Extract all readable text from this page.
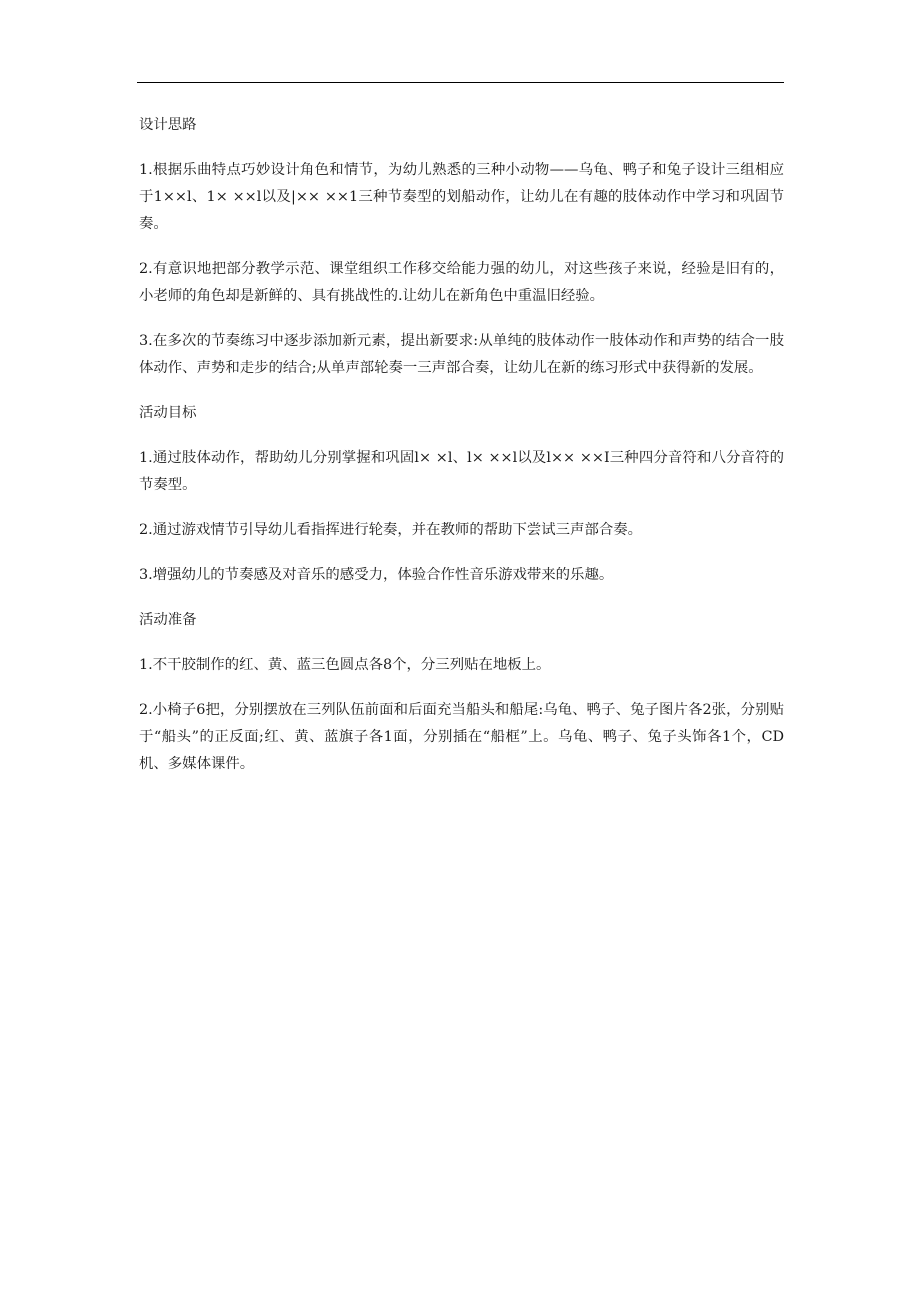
设计思路

1.根据乐曲特点巧妙设计角色和情节，为幼儿熟悉的三种小动物——乌龟、鸭子和兔子设计三组相应于1××l、1× ××l以及|×× ××1三种节奏型的划船动作，让幼儿在有趣的肢体动作中学习和巩固节奏。

2.有意识地把部分教学示范、课堂组织工作移交给能力强的幼儿，对这些孩子来说，经验是旧有的，小老师的角色却是新鲜的、具有挑战性的.让幼儿在新角色中重温旧经验。

3.在多次的节奏练习中逐步添加新元素，提出新要求:从单纯的肢体动作一肢体动作和声势的结合一肢体动作、声势和走步的结合;从单声部轮奏一三声部合奏，让幼儿在新的练习形式中获得新的发展。

活动目标

1.通过肢体动作，帮助幼儿分别掌握和巩固l× ×l、l× ××l以及l×× ××I三种四分音符和八分音符的节奏型。

2.通过游戏情节引导幼儿看指挥进行轮奏，并在教师的帮助下尝试三声部合奏。

3.增强幼儿的节奏感及对音乐的感受力，体验合作性音乐游戏带来的乐趣。

活动准备

1.不干胶制作的红、黄、蓝三色圆点各8个，分三列贴在地板上。

2.小椅子6把，分别摆放在三列队伍前面和后面充当船头和船尾:乌龟、鸭子、兔子图片各2张，分别贴于“船头”的正反面;红、黄、蓝旗子各1面，分别插在“船框”上。乌龟、鸭子、兔子头饰各1个，CD机、多媒体课件。
